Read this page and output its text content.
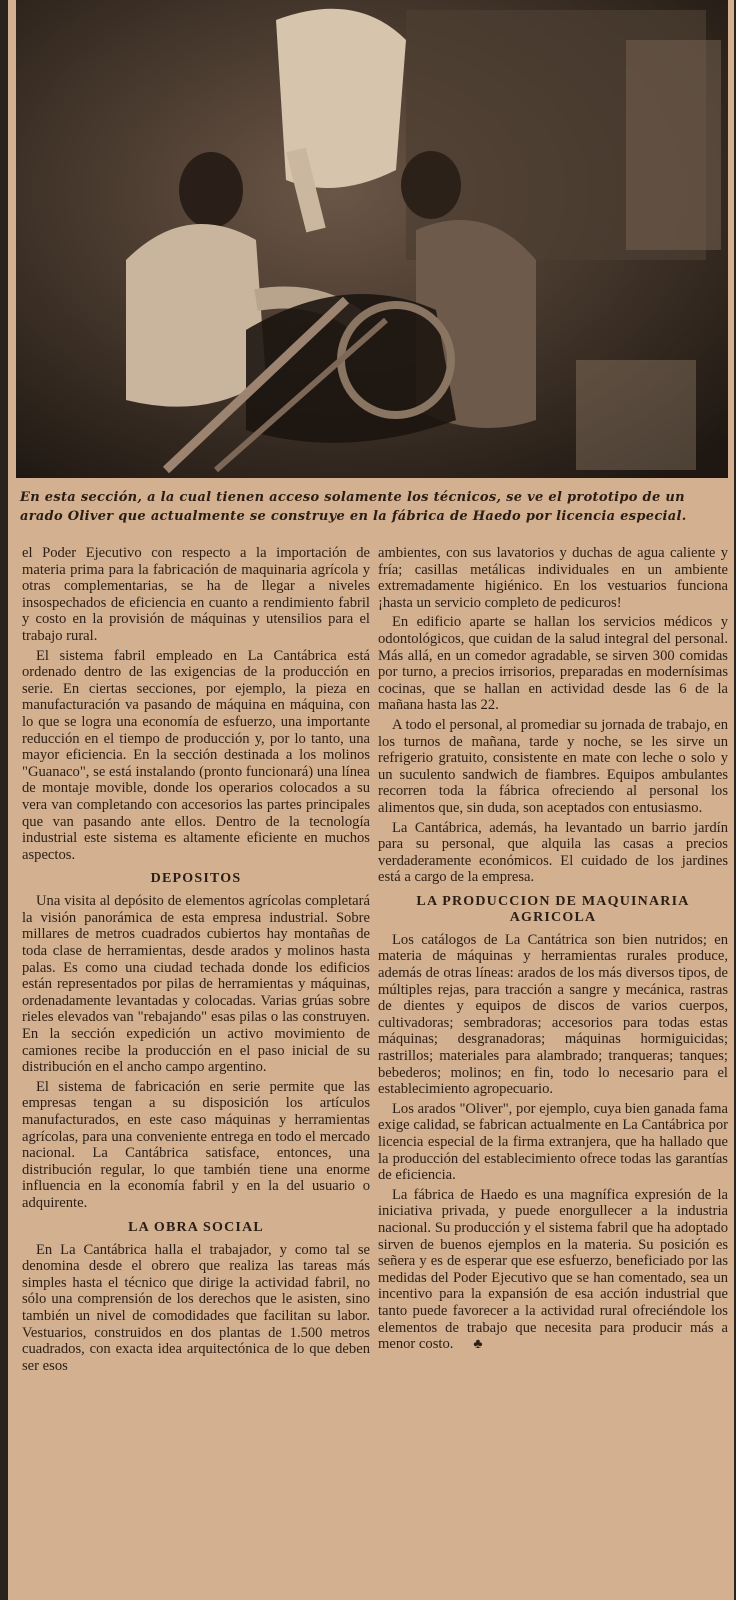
En esta sección, a la cual tienen acceso solamente los técnicos, se ve el prototipo de un arado Oliver que actualmente se construye en la fábrica de Haedo por licencia especial.

el Poder Ejecutivo con respecto a la importación de materia prima para la fabricación de maquinaria agrícola y otras complementarias, se ha de llegar a niveles insospechados de eficiencia en cuanto a rendimiento fabril y costo en la provisión de máquinas y utensilios para el trabajo rural.

El sistema fabril empleado en La Cantábrica está ordenado dentro de las exigencias de la producción en serie. En ciertas secciones, por ejemplo, la pieza en manufacturación va pasando de máquina en máquina, con lo que se logra una economía de esfuerzo, una importante reducción en el tiempo de producción y, por lo tanto, una mayor eficiencia. En la sección destinada a los molinos "Guanaco", se está instalando (pronto funcionará) una línea de montaje movible, donde los operarios colocados a su vera van completando con accesorios las partes principales que van pasando ante ellos. Dentro de la tecnología industrial este sistema es altamente eficiente en muchos aspectos.

DEPOSITOS

Una visita al depósito de elementos agrícolas completará la visión panorámica de esta empresa industrial. Sobre millares de metros cuadrados cubiertos hay montañas de toda clase de herramientas, desde arados y molinos hasta palas. Es como una ciudad techada donde los edificios están representados por pilas de herramientas y máquinas, ordenadamente levantadas y colocadas. Varias grúas sobre rieles elevados van "rebajando" esas pilas o las construyen. En la sección expedición un activo movimiento de camiones recibe la producción en el paso inicial de su distribución en el ancho campo argentino.

El sistema de fabricación en serie permite que las empresas tengan a su disposición los artículos manufacturados, en este caso máquinas y herramientas agrícolas, para una conveniente entrega en todo el mercado nacional. La Cantábrica satisface, entonces, una distribución regular, lo que también tiene una enorme influencia en la economía fabril y en la del usuario o adquirente.

LA OBRA SOCIAL

En La Cantábrica halla el trabajador, y como tal se denomina desde el obrero que realiza las tareas más simples hasta el técnico que dirige la actividad fabril, no sólo una comprensión de los derechos que le asisten, sino también un nivel de comodidades que facilitan su labor. Vestuarios, construidos en dos plantas de 1.500 metros cuadrados, con exacta idea arquitectónica de lo que deben ser esos

ambientes, con sus lavatorios y duchas de agua caliente y fría; casillas metálicas individuales en un ambiente extremadamente higiénico. En los vestuarios funciona ¡hasta un servicio completo de pedicuros!

En edificio aparte se hallan los servicios médicos y odontológicos, que cuidan de la salud integral del personal. Más allá, en un comedor agradable, se sirven 300 comidas por turno, a precios irrisorios, preparadas en modernísimas cocinas, que se hallan en actividad desde las 6 de la mañana hasta las 22.

A todo el personal, al promediar su jornada de trabajo, en los turnos de mañana, tarde y noche, se les sirve un refrigerio gratuito, consistente en mate con leche o solo y un suculento sandwich de fiambres. Equipos ambulantes recorren toda la fábrica ofreciendo al personal los alimentos que, sin duda, son aceptados con entusiasmo.

La Cantábrica, además, ha levantado un barrio jardín para su personal, que alquila las casas a precios verdaderamente económicos. El cuidado de los jardines está a cargo de la empresa.

LA PRODUCCION DE MAQUINARIA AGRICOLA

Los catálogos de La Cantátrica son bien nutridos; en materia de máquinas y herramientas rurales produce, además de otras líneas: arados de los más diversos tipos, de múltiples rejas, para tracción a sangre y mecánica, rastras de dientes y equipos de discos de varios cuerpos, cultivadoras; sembradoras; accesorios para todas estas máquinas; desgranadoras; máquinas hormiguicidas; rastrillos; materiales para alambrado; tranqueras; tanques; bebederos; molinos; en fin, todo lo necesario para el establecimiento agropecuario.

Los arados "Oliver", por ejemplo, cuya bien ganada fama exige calidad, se fabrican actualmente en La Cantábrica por licencia especial de la firma extranjera, que ha hallado que la producción del establecimiento ofrece todas las garantías de eficiencia.

La fábrica de Haedo es una magnífica expresión de la iniciativa privada, y puede enorgullecer a la industria nacional. Su producción y el sistema fabril que ha adoptado sirven de buenos ejemplos en la materia. Su posición es señera y es de esperar que ese esfuerzo, beneficiado por las medidas del Poder Ejecutivo que se han comentado, sea un incentivo para la expansión de esa acción industrial que tanto puede favorecer a la actividad rural ofreciéndole los elementos de trabajo que necesita para producir más a menor costo. ♣
